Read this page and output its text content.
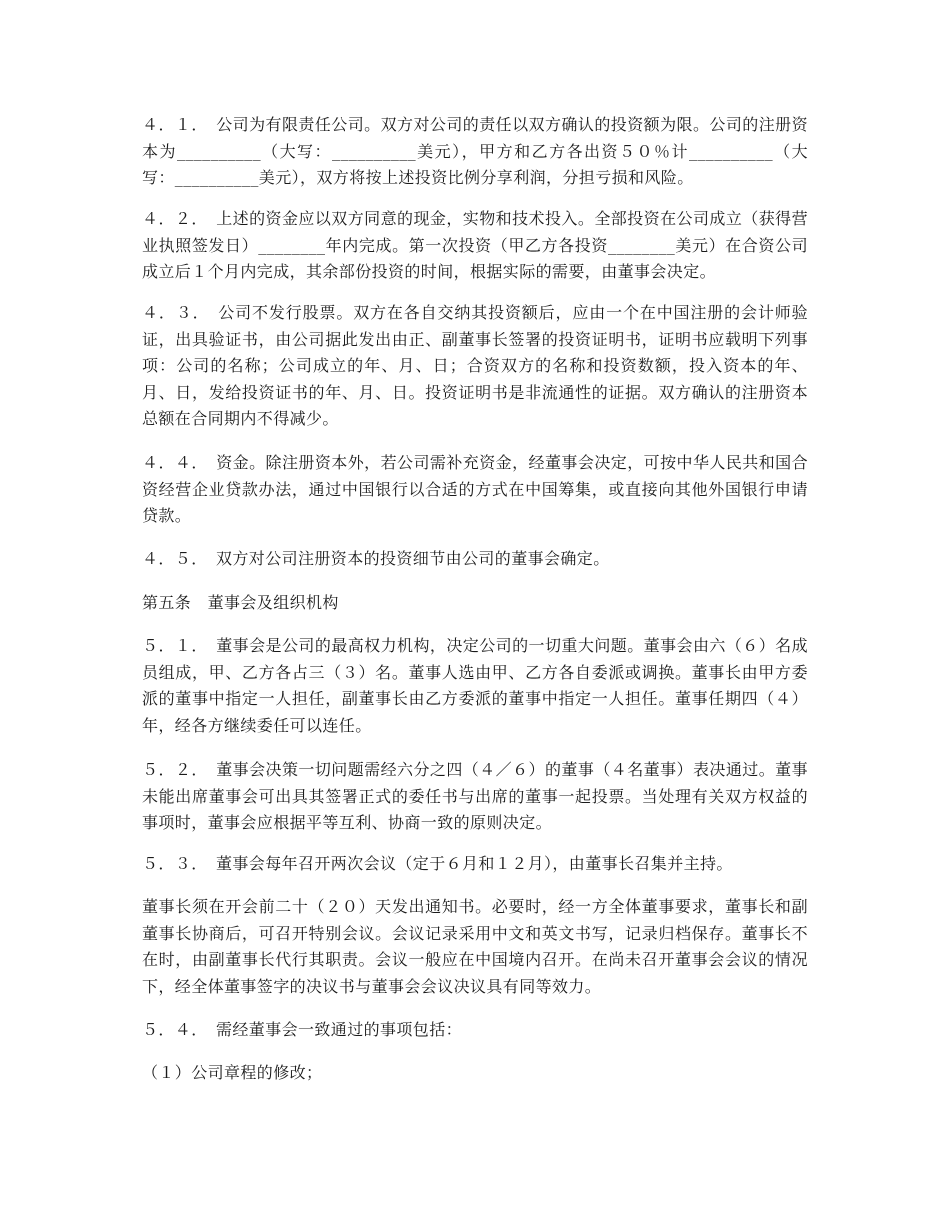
４．１．　公司为有限责任公司。双方对公司的责任以双方确认的投资额为限。公司的注册资本为__________（大写：__________美元），甲方和乙方各出资５０％计__________（大写：__________美元），双方将按上述投资比例分享利润，分担亏损和风险。

４．２．　上述的资金应以双方同意的现金，实物和技术投入。全部投资在公司成立（获得营业执照签发日）________年内完成。第一次投资（甲乙方各投资________美元）在合资公司成立后１个月内完成，其余部份投资的时间，根据实际的需要，由董事会决定。

４．３．　公司不发行股票。双方在各自交纳其投资额后，应由一个在中国注册的会计师验证，出具验证书，由公司据此发出由正、副董事长签署的投资证明书，证明书应载明下列事项：公司的名称；公司成立的年、月、日；合资双方的名称和投资数额，投入资本的年、月、日，发给投资证书的年、月、日。投资证明书是非流通性的证据。双方确认的注册资本总额在合同期内不得减少。

４．４．　资金。除注册资本外，若公司需补充资金，经董事会决定，可按中华人民共和国合资经营企业贷款办法，通过中国银行以合适的方式在中国筹集，或直接向其他外国银行申请贷款。

４．５．　双方对公司注册资本的投资细节由公司的董事会确定。

第五条　董事会及组织机构

５．１．　董事会是公司的最高权力机构，决定公司的一切重大问题。董事会由六（６）名成员组成，甲、乙方各占三（３）名。董事人选由甲、乙方各自委派或调换。董事长由甲方委派的董事中指定一人担任，副董事长由乙方委派的董事中指定一人担任。董事任期四（４）年，经各方继续委任可以连任。

５．２．　董事会决策一切问题需经六分之四（４／６）的董事（４名董事）表决通过。董事未能出席董事会可出具其签署正式的委任书与出席的董事一起投票。当处理有关双方权益的事项时，董事会应根据平等互利、协商一致的原则决定。

５．３．　董事会每年召开两次会议（定于６月和１２月），由董事长召集并主持。

董事长须在开会前二十（２０）天发出通知书。必要时，经一方全体董事要求，董事长和副董事长协商后，可召开特别会议。会议记录采用中文和英文书写，记录归档保存。董事长不在时，由副董事长代行其职责。会议一般应在中国境内召开。在尚未召开董事会会议的情况下，经全体董事签字的决议书与董事会会议决议具有同等效力。

５．４．　需经董事会一致通过的事项包括：

（１）公司章程的修改；
